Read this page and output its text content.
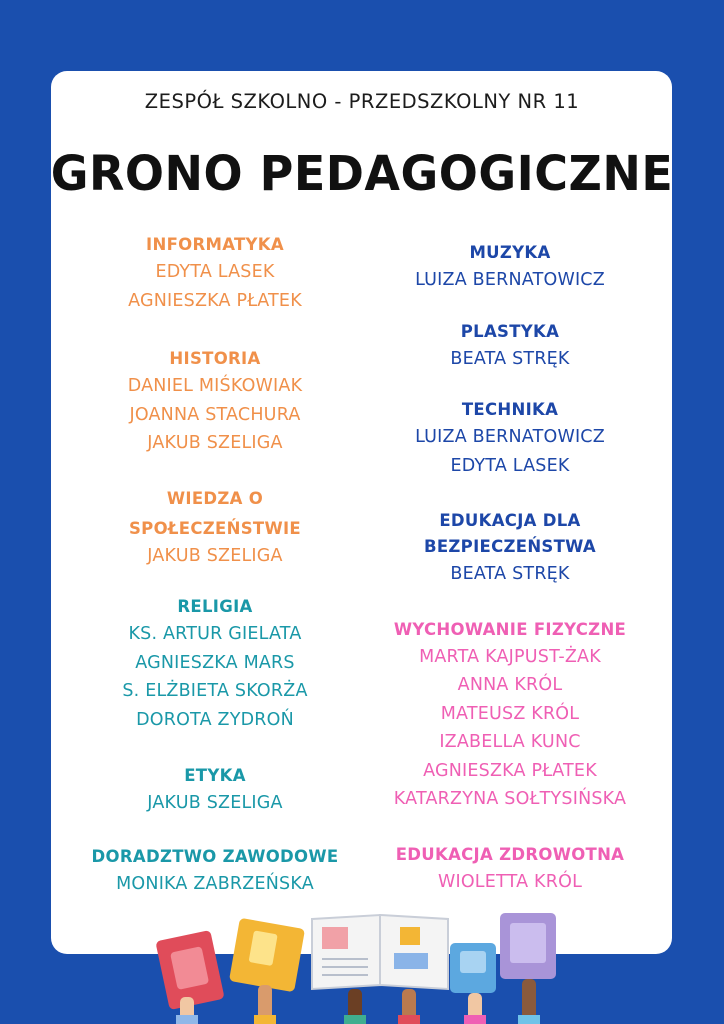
ZESPÓŁ SZKOLNO - PRZEDSZKOLNY NR 11
GRONO PEDAGOGICZNE
INFORMATYKA

EDYTA LASEK

AGNIESZKA PŁATEK

HISTORIA

DANIEL MIŚKOWIAK

JOANNA STACHURA

JAKUB SZELIGA

WIEDZA O
SPOŁECZEŃSTWIE

JAKUB SZELIGA

RELIGIA

KS. ARTUR GIELATA

AGNIESZKA MARS

S. ELŻBIETA SKORŻA

DOROTA ZYDROŃ

ETYKA

JAKUB SZELIGA

DORADZTWO ZAWODOWE

MONIKA ZABRZEŃSKA

MUZYKA

LUIZA BERNATOWICZ

PLASTYKA

BEATA STRĘK

TECHNIKA

LUIZA BERNATOWICZ

EDYTA LASEK

EDUKACJA DLA
BEZPIECZEŃSTWA

BEATA STRĘK

WYCHOWANIE FIZYCZNE

MARTA KAJPUST-ŻAK

ANNA KRÓL

MATEUSZ KRÓL

IZABELLA KUNC

AGNIESZKA PŁATEK

KATARZYNA SOŁTYSIŃSKA

EDUKACJA ZDROWOTNA

WIOLETTA KRÓL
